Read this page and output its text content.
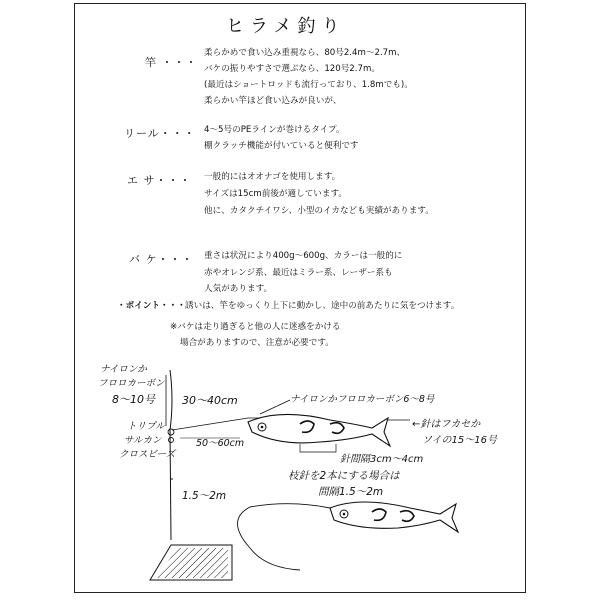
ヒラメ釣り
竿 ・・・
柔らかめで食い込み重視なら、80号2.4m～2.7m、
バケの振りやすさで選ぶなら、120号2.7m。
(最近はショートロッドも流行っており、1.8mでも)。
柔らかい竿ほど食い込みが良いが、
リール・・・ 4～5号のPEラインが巻けるタイプ。
棚クラッチ機能が付いていると便利です
エ サ・・・ 一般的にはオオナゴを使用します。
サイズは15cm前後が適しています。
他に、カタクチイワシ、小型のイカなども実績があります。
バ ケ・・・ 重さは状況により400g～600g、カラーは一般的に
赤やオレンジ系、最近はミラー系、レーザー系も
人気があります。
・ポイント・・・ 誘いは、竿をゆっくり上下に動かし、途中の前あたりに気をつけます。
※バケは走り過ぎると他の人に迷惑をかける
場合がありますので、注意が必要です。
ナイロンか
フロロカーボン
8～10号 30～40cm	ナイロンかフロロカーボン6～8号
←針はフカセか
ソイの15～16号
トリプル
サルカン
クロスビーズ
50～60cm
針間隔3cm～4cm
枝針を2本にする場合は
間隔1.5～2m
1.5～2m
